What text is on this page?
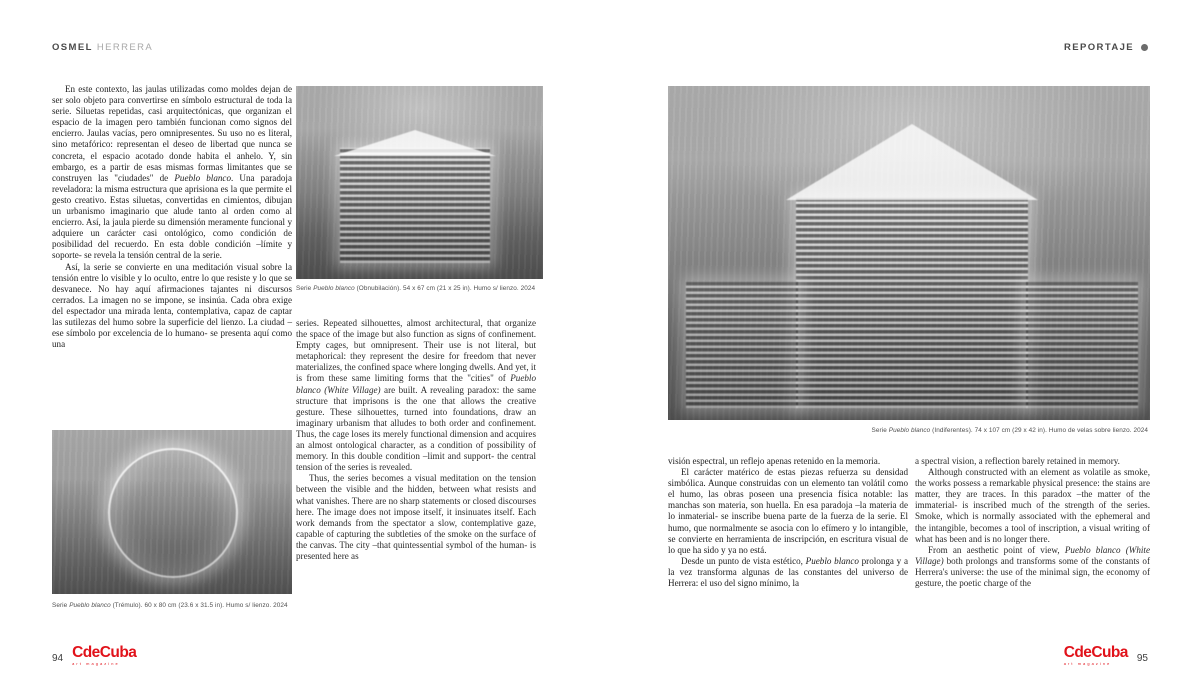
OSMEL HERRERA

En este contexto, las jaulas utilizadas como moldes dejan de ser solo objeto para convertirse en símbolo estructural de toda la serie. Siluetas repetidas, casi arquitectónicas, que organizan el espacio de la imagen pero también funcionan como signos del encierro. Jaulas vacías, pero omnipresentes. Su uso no es literal, sino metafórico: representan el deseo de libertad que nunca se concreta, el espacio acotado donde habita el anhelo. Y, sin embargo, es a partir de esas mismas formas limitantes que se construyen las "ciudades" de Pueblo blanco. Una paradoja reveladora: la misma estructura que aprisiona es la que permite el gesto creativo. Estas siluetas, convertidas en cimientos, dibujan un urbanismo imaginario que alude tanto al orden como al encierro. Así, la jaula pierde su dimensión meramente funcional y adquiere un carácter casi ontológico, como condición de posibilidad del recuerdo. En esta doble condición –límite y soporte- se revela la tensión central de la serie.

Así, la serie se convierte en una meditación visual sobre la tensión entre lo visible y lo oculto, entre lo que resiste y lo que se desvanece. No hay aquí afirmaciones tajantes ni discursos cerrados. La imagen no se impone, se insinúa. Cada obra exige del espectador una mirada lenta, contemplativa, capaz de captar las sutilezas del humo sobre la superficie del lienzo. La ciudad –ese símbolo por excelencia de lo humano- se presenta aquí como una

Serie Pueblo blanco (Obnubilación). 54 x 67 cm (21 x 25 in). Humo s/ lienzo. 2024

series. Repeated silhouettes, almost architectural, that organize the space of the image but also function as signs of confinement. Empty cages, but omnipresent. Their use is not literal, but metaphorical: they represent the desire for freedom that never materializes, the confined space where longing dwells. And yet, it is from these same limiting forms that the "cities" of Pueblo blanco (White Village) are built. A revealing paradox: the same structure that imprisons is the one that allows the creative gesture. These silhouettes, turned into foundations, draw an imaginary urbanism that alludes to both order and confinement. Thus, the cage loses its merely functional dimension and acquires an almost ontological character, as a condition of possibility of memory. In this double condition –limit and support- the central tension of the series is revealed.

Thus, the series becomes a visual meditation on the tension between the visible and the hidden, between what resists and what vanishes. There are no sharp statements or closed discourses here. The image does not impose itself, it insinuates itself. Each work demands from the spectator a slow, contemplative gaze, capable of capturing the subtleties of the smoke on the surface of the canvas. The city –that quintessential symbol of the human- is presented here as

Serie Pueblo blanco (Trémulo). 60 x 80 cm (23.6 x 31.5 in). Humo s/ lienzo. 2024
94 CdeCuba
art magazine
REPORTAJE
Serie Pueblo blanco (Indiferentes). 74 x 107 cm (29 x 42 in). Humo de velas sobre lienzo. 2024

visión espectral, un reflejo apenas retenido en la memoria.

El carácter matérico de estas piezas refuerza su densidad simbólica. Aunque construidas con un elemento tan volátil como el humo, las obras poseen una presencia física notable: las manchas son materia, son huella. En esa paradoja –la materia de lo inmaterial- se inscribe buena parte de la fuerza de la serie. El humo, que normalmente se asocia con lo efímero y lo intangible, se convierte en herramienta de inscripción, en escritura visual de lo que ha sido y ya no está.

Desde un punto de vista estético, Pueblo blanco prolonga y a la vez transforma algunas de las constantes del universo de Herrera: el uso del signo mínimo, la

a spectral vision, a reflection barely retained in memory.

Although constructed with an element as volatile as smoke, the works possess a remarkable physical presence: the stains are matter, they are traces. In this paradox –the matter of the immaterial- is inscribed much of the strength of the series. Smoke, which is normally associated with the ephemeral and the intangible, becomes a tool of inscription, a visual writing of what has been and is no longer there.

From an aesthetic point of view, Pueblo blanco (White Village) both prolongs and transforms some of the constants of Herrera's universe: the use of the minimal sign, the economy of gesture, the poetic charge of the

CdeCuba
art magazine	95
